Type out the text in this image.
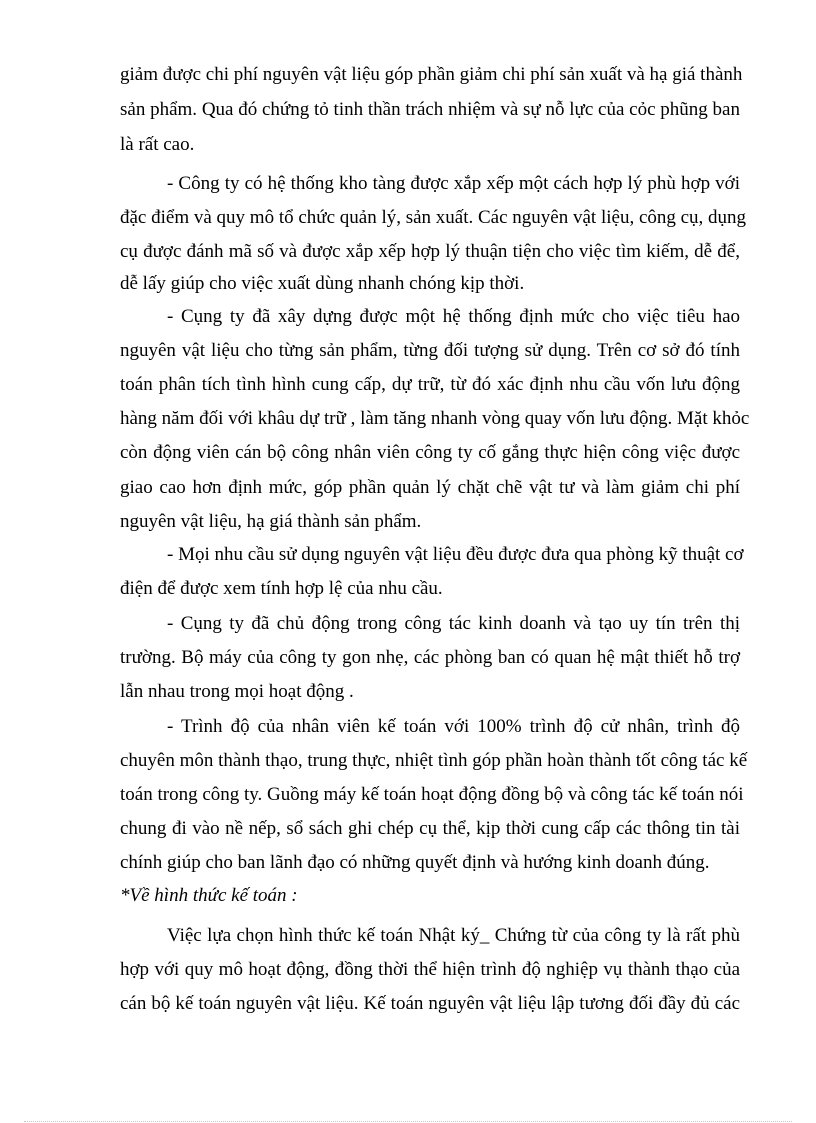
giảm được chi phí nguyên vật liệu góp phần giảm chi phí sản xuất và hạ giá thành
sản phẩm. Qua đó chứng tỏ tinh thần trách nhiệm và sự nỗ lực của cỏc phũng ban
là rất cao.
- Công ty có hệ thống kho tàng được xắp xếp một cách hợp lý phù hợp với
đặc điểm và quy mô tổ chức quản lý, sản xuất. Các nguyên vật liệu, công cụ, dụng
cụ được đánh mã số và được xắp xếp hợp lý thuận tiện cho việc tìm kiếm, dễ để,
dễ lấy giúp cho việc xuất dùng nhanh chóng kịp thời.
- Cụng ty đã xây dựng được một hệ thống định mức cho việc tiêu hao
nguyên vật liệu cho từng sản phẩm, từng đối tượng sử dụng. Trên cơ sở đó tính
toán phân tích tình hình cung cấp, dự trữ, từ đó xác định nhu cầu vốn lưu động
hàng năm đối với khâu dự trữ , làm tăng nhanh vòng quay vốn lưu động. Mặt khỏc
còn động viên cán bộ công nhân viên công ty cố gắng thực hiện công việc được
giao cao hơn định mức, góp phần quản lý chặt chẽ vật tư và làm giảm chi phí
nguyên vật liệu, hạ giá thành sản phẩm.
- Mọi nhu cầu sử dụng nguyên vật liệu đều được đưa qua phòng kỹ thuật cơ
điện để được xem tính hợp lệ của nhu cầu.
- Cụng ty đã chủ động trong công tác kinh doanh và tạo uy tín trên thị
trường. Bộ máy của công ty gon nhẹ, các phòng ban có quan hệ mật thiết hỗ trợ
lẫn nhau trong mọi hoạt động .
- Trình độ của nhân viên kế toán với 100% trình độ cử nhân, trình độ
chuyên môn thành thạo, trung thực, nhiệt tình góp phần hoàn thành tốt công tác kế
toán trong công ty. Guồng máy kế toán hoạt động đồng bộ và công tác kế toán nói
chung đi vào nề nếp, sổ sách ghi chép cụ thể, kịp thời cung cấp các thông tin tài
chính giúp cho ban lãnh đạo có những quyết định và hướng kinh doanh đúng.
*Về hình thức kế toán :
Việc lựa chọn hình thức kế toán Nhật ký_ Chứng từ của công ty là rất phù
hợp với quy mô hoạt động, đồng thời thể hiện trình độ nghiệp vụ thành thạo của
cán bộ kế toán nguyên vật liệu. Kế toán nguyên vật liệu lập tương đối đầy đủ các
